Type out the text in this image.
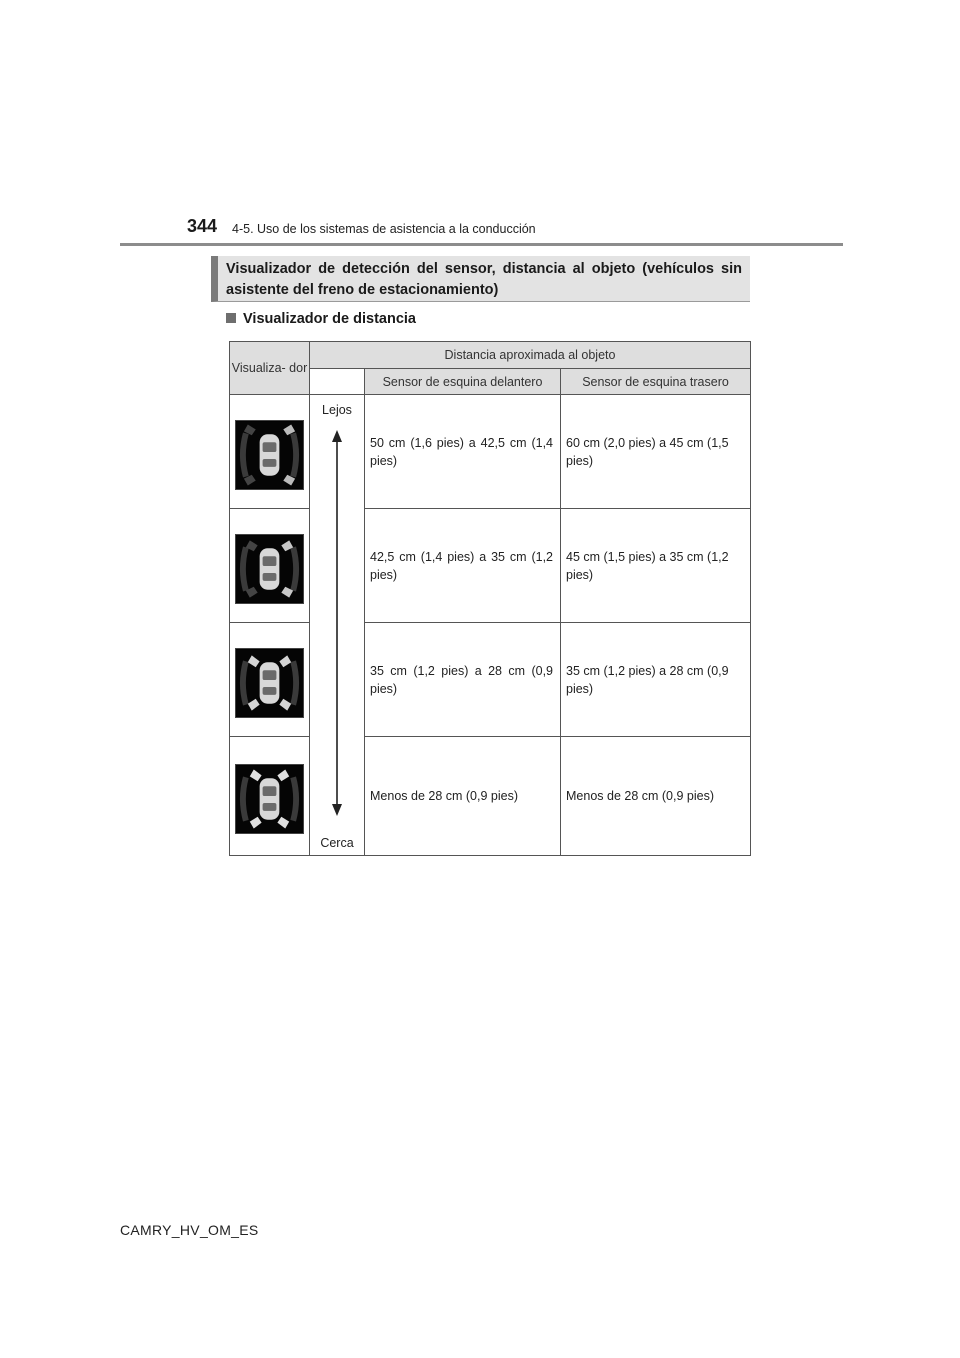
344 4-5. Uso de los sistemas de asistencia a la conducción
Visualizador de detección del sensor, distancia al objeto (vehículos sin asistente del freno de estacionamiento)
Visualizador de distancia
Visualiza- dor
Distancia aproximada al objeto
Sensor de esquina delantero	Sensor de esquina trasero
Lejos
Cerca
50 cm (1,6 pies) a 42,5 cm (1,4 pies)
60 cm (2,0 pies) a 45 cm (1,5 pies)
42,5 cm (1,4 pies) a 35 cm (1,2 pies)
45 cm (1,5 pies) a 35 cm (1,2 pies)
35 cm (1,2 pies) a 28 cm (0,9 pies)
35 cm (1,2 pies) a 28 cm (0,9 pies)
Menos de 28 cm (0,9 pies)	Menos de 28 cm (0,9 pies)
CAMRY_HV_OM_ES
